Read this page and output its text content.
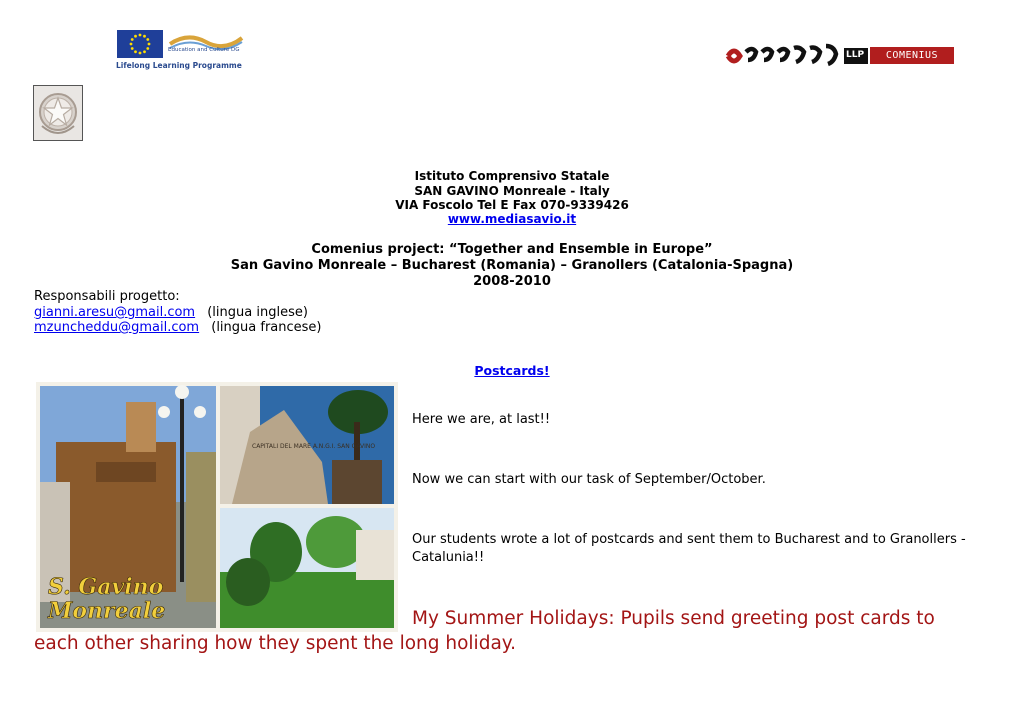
Education and Culture DG
Lifelong Learning Programme
LLP	COMENIUS
Istituto Comprensivo Statale
SAN GAVINO Monreale - Italy
VIA Foscolo Tel E Fax 070-9339426
www.mediasavio.it
Comenius project: “Together and Ensemble in Europe”
San Gavino Monreale – Bucharest (Romania) – Granollers (Catalonia-Spagna)
2008-2010
Responsabili progetto:
gianni.aresu@gmail.com (lingua inglese)
mzuncheddu@gmail.com (lingua francese)
Postcards!
CAPITALI DEL MARE A.N.G.I. SAN GAVINO
S. Gavino
Monreale
Here we are, at last!!
Now we can start with our task of September/October.
Our students wrote a lot of postcards and sent them to Bucharest and to Granollers -
Catalunia!!
My Summer Holidays: Pupils send greeting post cards to
each other sharing how they spent the long holiday.
